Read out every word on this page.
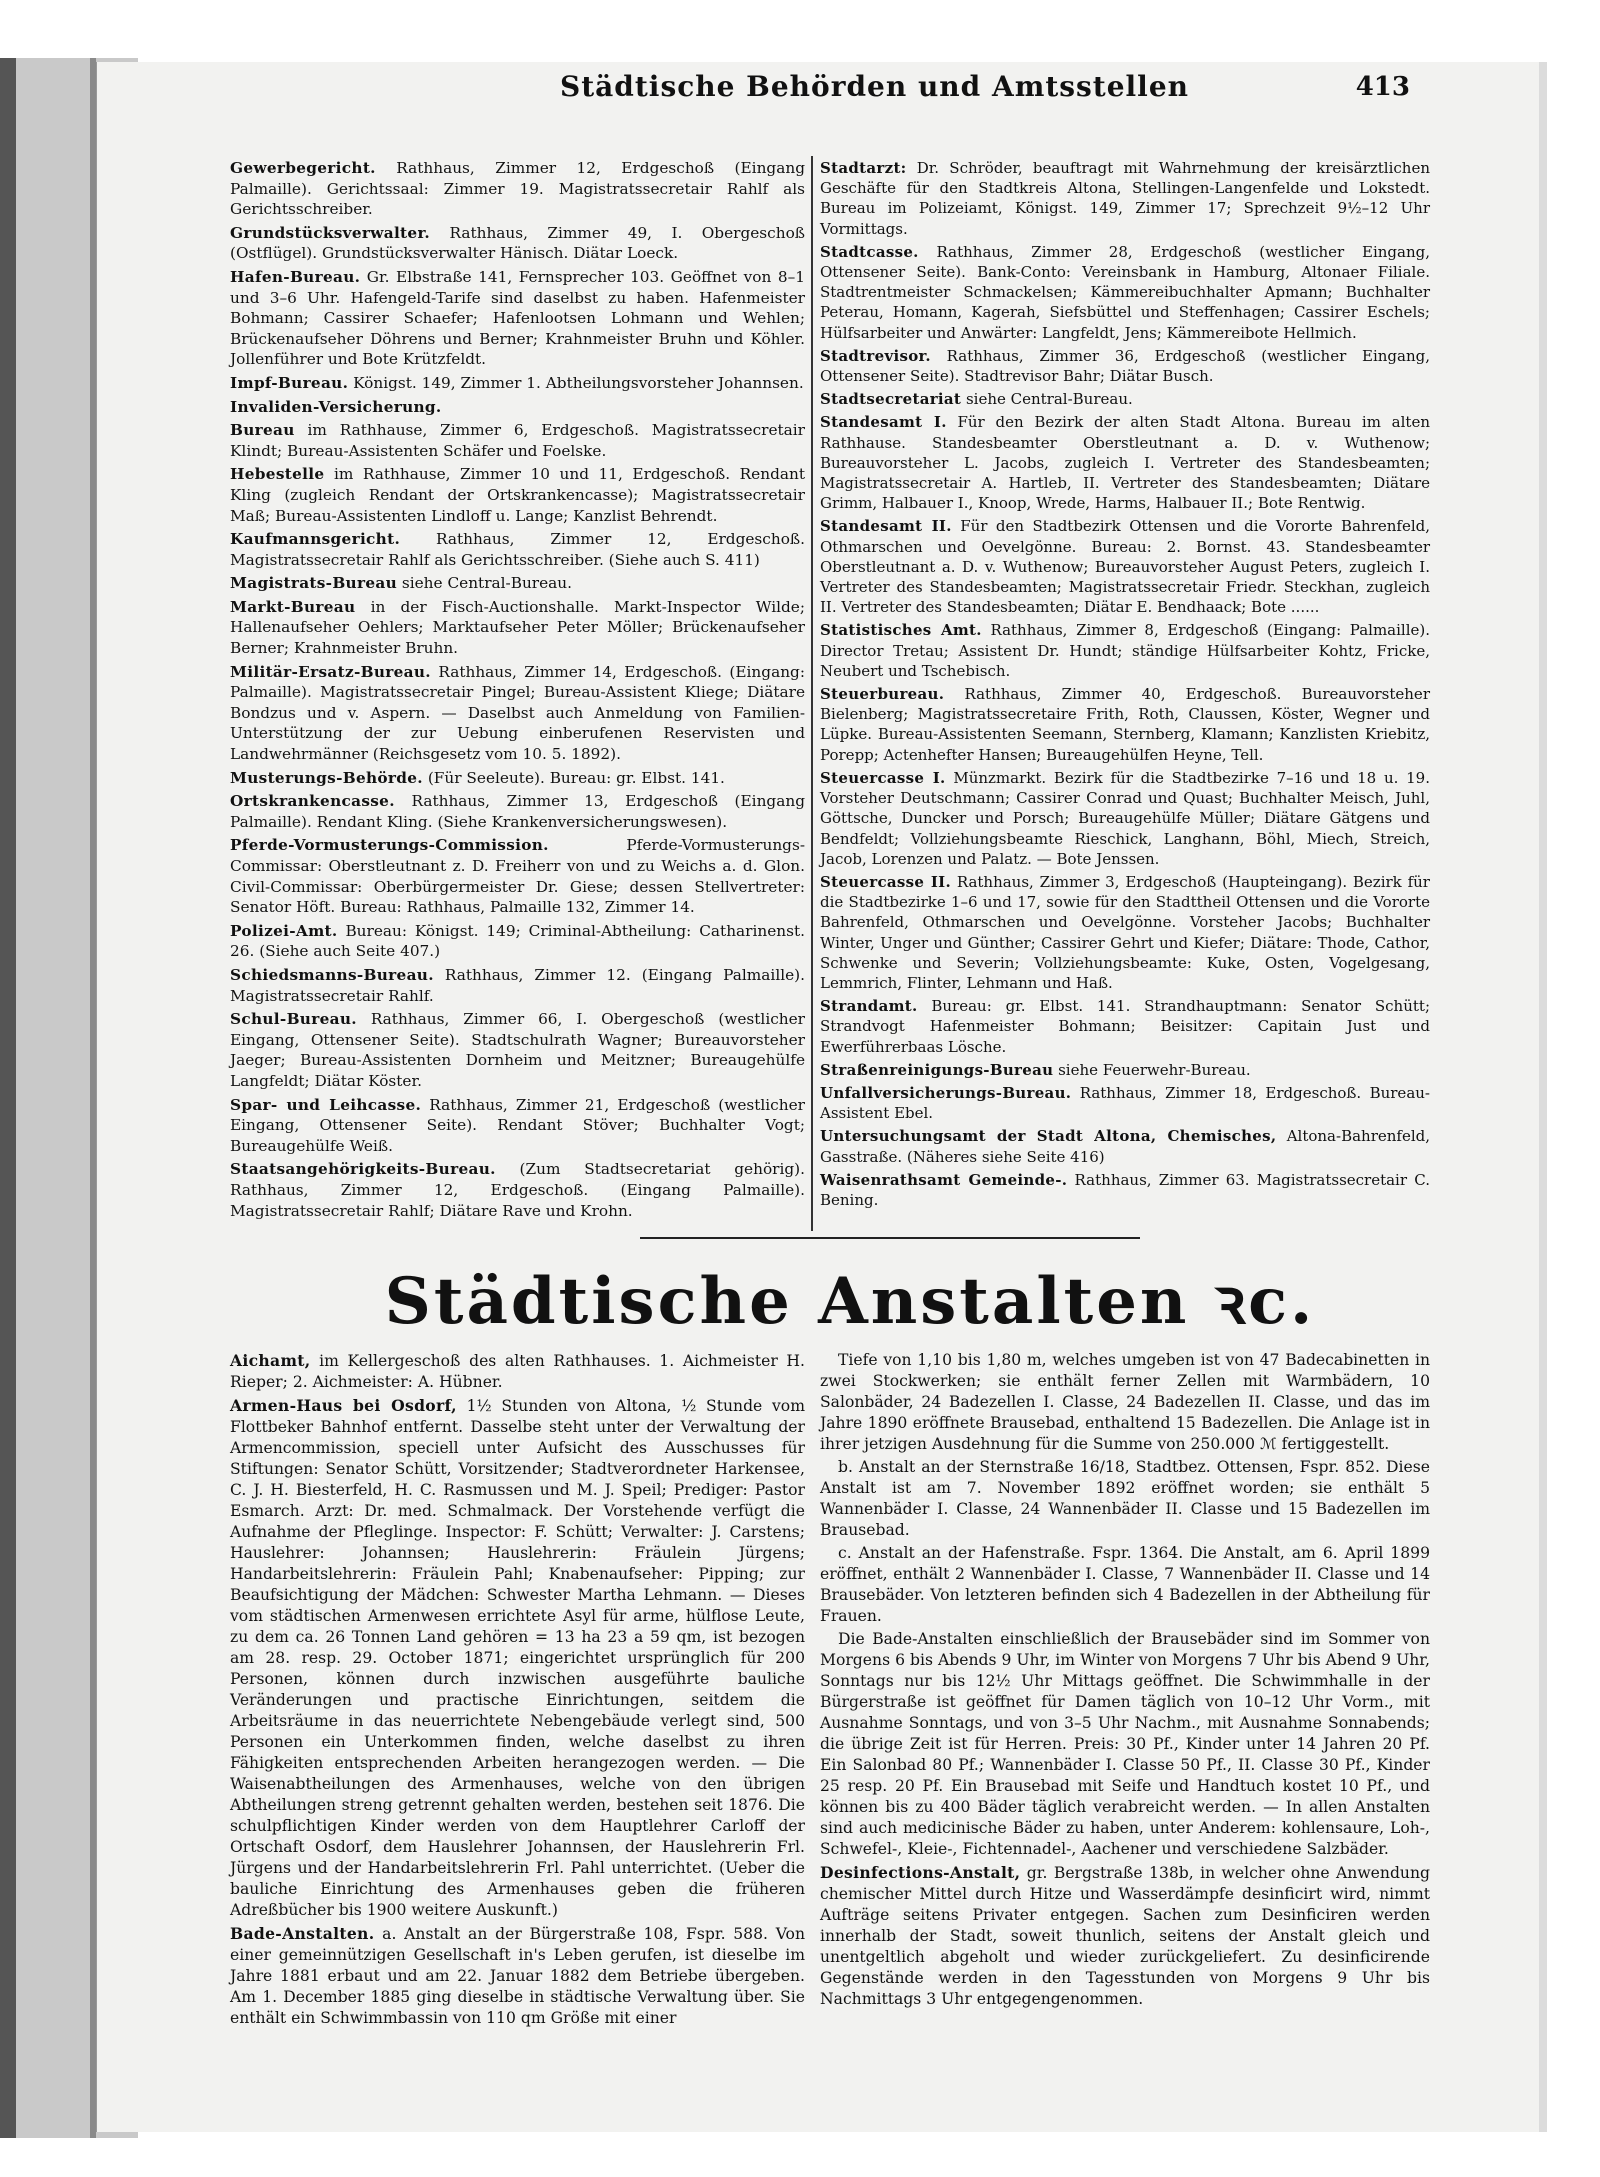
Städtische Behörden und Amtsstellen	413

Gewerbegericht. Rathhaus, Zimmer 12, Erdgeschoß (Eingang Palmaille). Gerichtssaal: Zimmer 19. Magistratssecretair Rahlf als Gerichtsschreiber.

Grundstücksverwalter. Rathhaus, Zimmer 49, I. Obergeschoß (Ostflügel). Grundstücksverwalter Hänisch. Diätar Loeck.

Hafen-Bureau. Gr. Elbstraße 141, Fernsprecher 103. Geöffnet von 8–1 und 3–6 Uhr. Hafengeld-Tarife sind daselbst zu haben. Hafenmeister Bohmann; Cassirer Schaefer; Hafenlootsen Lohmann und Wehlen; Brückenaufseher Döhrens und Berner; Krahnmeister Bruhn und Köhler. Jollenführer und Bote Krützfeldt.

Impf-Bureau. Königst. 149, Zimmer 1. Abtheilungsvorsteher Johannsen.

Invaliden-Versicherung.

Bureau im Rathhause, Zimmer 6, Erdgeschoß. Magistratssecretair Klindt; Bureau-Assistenten Schäfer und Foelske.

Hebestelle im Rathhause, Zimmer 10 und 11, Erdgeschoß. Rendant Kling (zugleich Rendant der Ortskrankencasse); Magistratssecretair Maß; Bureau-Assistenten Lindloff u. Lange; Kanzlist Behrendt.

Kaufmannsgericht. Rathhaus, Zimmer 12, Erdgeschoß. Magistratssecretair Rahlf als Gerichtsschreiber. (Siehe auch S. 411)

Magistrats-Bureau siehe Central-Bureau.

Markt-Bureau in der Fisch-Auctionshalle. Markt-Inspector Wilde; Hallenaufseher Oehlers; Marktaufseher Peter Möller; Brückenaufseher Berner; Krahnmeister Bruhn.

Militär-Ersatz-Bureau. Rathhaus, Zimmer 14, Erdgeschoß. (Eingang: Palmaille). Magistratssecretair Pingel; Bureau-Assistent Kliege; Diätare Bondzus und v. Aspern. — Daselbst auch Anmeldung von Familien-Unterstützung der zur Uebung einberufenen Reservisten und Landwehrmänner (Reichsgesetz vom 10. 5. 1892).

Musterungs-Behörde. (Für Seeleute). Bureau: gr. Elbst. 141.

Ortskrankencasse. Rathhaus, Zimmer 13, Erdgeschoß (Eingang Palmaille). Rendant Kling. (Siehe Krankenversicherungswesen).

Pferde-Vormusterungs-Commission.	Pferde-Vormusterungs-Commissar: Oberstleutnant z. D. Freiherr von und zu Weichs a. d. Glon. Civil-Commissar: Oberbürgermeister Dr. Giese; dessen Stellvertreter: Senator Höft. Bureau: Rathhaus, Palmaille 132, Zimmer 14.

Polizei-Amt. Bureau: Königst. 149; Criminal-Abtheilung: Catharinenst. 26. (Siehe auch Seite 407.)

Schiedsmanns-Bureau. Rathhaus, Zimmer 12. (Eingang Palmaille). Magistratssecretair Rahlf.

Schul-Bureau. Rathhaus, Zimmer 66, I. Obergeschoß (westlicher Eingang, Ottensener Seite). Stadtschulrath Wagner; Bureauvorsteher Jaeger; Bureau-Assistenten Dornheim und Meitzner; Bureaugehülfe Langfeldt; Diätar Köster.

Spar- und Leihcasse. Rathhaus, Zimmer 21, Erdgeschoß (westlicher Eingang, Ottensener Seite). Rendant Stöver; Buchhalter Vogt; Bureaugehülfe Weiß.

Staatsangehörigkeits-Bureau. (Zum Stadtsecretariat gehörig). Rathhaus, Zimmer 12, Erdgeschoß. (Eingang Palmaille). Magistratssecretair Rahlf; Diätare Rave und Krohn.

Stadtarzt: Dr. Schröder, beauftragt mit Wahrnehmung der kreisärztlichen Geschäfte für den Stadtkreis Altona, Stellingen-Langenfelde und Lokstedt. Bureau im Polizeiamt, Königst. 149, Zimmer 17; Sprechzeit 9½–12 Uhr Vormittags.

Stadtcasse. Rathhaus, Zimmer 28, Erdgeschoß (westlicher Eingang, Ottensener Seite). Bank-Conto: Vereinsbank in Hamburg, Altonaer Filiale. Stadtrentmeister Schmackelsen; Kämmereibuchhalter Apmann; Buchhalter Peterau, Homann, Kagerah, Siefsbüttel und Steffenhagen; Cassirer Eschels; Hülfsarbeiter und Anwärter: Langfeldt, Jens; Kämmereibote Hellmich.

Stadtrevisor. Rathhaus, Zimmer 36, Erdgeschoß (westlicher Eingang, Ottensener Seite). Stadtrevisor Bahr; Diätar Busch.

Stadtsecretariat siehe Central-Bureau.

Standesamt I. Für den Bezirk der alten Stadt Altona. Bureau im alten Rathhause. Standesbeamter Oberstleutnant a. D. v. Wuthenow; Bureauvorsteher L. Jacobs, zugleich I. Vertreter des Standesbeamten; Magistratssecretair A. Hartleb, II. Vertreter des Standesbeamten; Diätare Grimm, Halbauer I., Knoop, Wrede, Harms, Halbauer II.; Bote Rentwig.

Standesamt II. Für den Stadtbezirk Ottensen und die Vororte Bahrenfeld, Othmarschen und Oevelgönne. Bureau: 2. Bornst. 43. Standesbeamter Oberstleutnant a. D. v. Wuthenow; Bureauvorsteher August Peters, zugleich I. Vertreter des Standesbeamten; Magistratssecretair Friedr. Steckhan, zugleich II. Vertreter des Standesbeamten; Diätar E. Bendhaack; Bote ......

Statistisches Amt. Rathhaus, Zimmer 8, Erdgeschoß (Eingang: Palmaille). Director Tretau; Assistent Dr. Hundt; ständige Hülfsarbeiter Kohtz, Fricke, Neubert und Tschebisch.

Steuerbureau. Rathhaus, Zimmer 40, Erdgeschoß. Bureauvorsteher Bielenberg; Magistratssecretaire Frith, Roth, Claussen, Köster, Wegner und Lüpke. Bureau-Assistenten Seemann, Sternberg, Klamann; Kanzlisten Kriebitz, Porepp; Actenhefter Hansen; Bureaugehülfen Heyne, Tell.

Steuercasse I. Münzmarkt. Bezirk für die Stadtbezirke 7–16 und 18 u. 19. Vorsteher Deutschmann; Cassirer Conrad und Quast; Buchhalter Meisch, Juhl, Göttsche, Duncker und Porsch; Bureaugehülfe Müller; Diätare Gätgens und Bendfeldt; Vollziehungsbeamte Rieschick, Langhann, Böhl, Miech, Streich, Jacob, Lorenzen und Palatz. — Bote Jenssen.

Steuercasse II. Rathhaus, Zimmer 3, Erdgeschoß (Haupteingang). Bezirk für die Stadtbezirke 1–6 und 17, sowie für den Stadttheil Ottensen und die Vororte Bahrenfeld, Othmarschen und Oevelgönne. Vorsteher Jacobs; Buchhalter Winter, Unger und Günther; Cassirer Gehrt und Kiefer; Diätare: Thode, Cathor, Schwenke und Severin; Vollziehungsbeamte: Kuke, Osten, Vogelgesang, Lemmrich, Flinter, Lehmann und Haß.

Strandamt. Bureau: gr. Elbst. 141. Strandhauptmann: Senator Schütt; Strandvogt Hafenmeister Bohmann; Beisitzer: Capitain Just und Ewerführerbaas Lösche.

Straßenreinigungs-Bureau siehe Feuerwehr-Bureau.

Unfallversicherungs-Bureau. Rathhaus, Zimmer 18, Erdgeschoß. Bureau-Assistent Ebel.

Untersuchungsamt der Stadt Altona, Chemisches, Altona-Bahrenfeld, Gasstraße. (Näheres siehe Seite 416)

Waisenrathsamt Gemeinde-. Rathhaus, Zimmer 63. Magistratssecretair C. Bening.

Städtische Anstalten ꝛc.

Aichamt, im Kellergeschoß des alten Rathhauses. 1. Aichmeister H. Rieper; 2. Aichmeister: A. Hübner.

Armen-Haus bei Osdorf, 1½ Stunden von Altona, ½ Stunde vom Flottbeker Bahnhof entfernt. Dasselbe steht unter der Verwaltung der Armencommission, speciell unter Aufsicht des Ausschusses für Stiftungen: Senator Schütt, Vorsitzender; Stadtverordneter Harkensee, C. J. H. Biesterfeld, H. C. Rasmussen und M. J. Speil; Prediger: Pastor Esmarch. Arzt: Dr. med. Schmalmack. Der Vorstehende verfügt die Aufnahme der Pfleglinge. Inspector: F. Schütt; Verwalter: J. Carstens; Hauslehrer: Johannsen; Hauslehrerin: Fräulein Jürgens; Handarbeitslehrerin: Fräulein Pahl; Knabenaufseher: Pipping; zur Beaufsichtigung der Mädchen: Schwester Martha Lehmann. — Dieses vom städtischen Armenwesen errichtete Asyl für arme, hülflose Leute, zu dem ca. 26 Tonnen Land gehören = 13 ha 23 a 59 qm, ist bezogen am 28. resp. 29. October 1871; eingerichtet ursprünglich für 200 Personen, können durch inzwischen ausgeführte bauliche Veränderungen und practische Einrichtungen, seitdem die Arbeitsräume in das neuerrichtete Nebengebäude verlegt sind, 500 Personen ein Unterkommen finden, welche daselbst zu ihren Fähigkeiten entsprechenden Arbeiten herangezogen werden. — Die Waisenabtheilungen des Armenhauses, welche von den übrigen Abtheilungen streng getrennt gehalten werden, bestehen seit 1876. Die schulpflichtigen Kinder werden von dem Hauptlehrer Carloff der Ortschaft Osdorf, dem Hauslehrer Johannsen, der Hauslehrerin Frl. Jürgens und der Handarbeitslehrerin Frl. Pahl unterrichtet. (Ueber die bauliche Einrichtung des Armenhauses geben die früheren Adreßbücher bis 1900 weitere Auskunft.)

Bade-Anstalten. a. Anstalt an der Bürgerstraße 108, Fspr. 588. Von einer gemeinnützigen Gesellschaft in's Leben gerufen, ist dieselbe im Jahre 1881 erbaut und am 22. Januar 1882 dem Betriebe übergeben. Am 1. December 1885 ging dieselbe in städtische Verwaltung über. Sie enthält ein Schwimmbassin von 110 qm Größe mit einer

Tiefe von 1,10 bis 1,80 m, welches umgeben ist von 47 Badecabinetten in zwei Stockwerken; sie enthält ferner Zellen mit Warmbädern, 10 Salonbäder, 24 Badezellen I. Classe, 24 Badezellen II. Classe, und das im Jahre 1890 eröffnete Brausebad, enthaltend 15 Badezellen. Die Anlage ist in ihrer jetzigen Ausdehnung für die Summe von 250.000 ℳ fertiggestellt.

b. Anstalt an der Sternstraße 16/18, Stadtbez. Ottensen, Fspr. 852. Diese Anstalt ist am 7. November 1892 eröffnet worden; sie enthält 5 Wannenbäder I. Classe, 24 Wannenbäder II. Classe und 15 Badezellen im Brausebad.

c. Anstalt an der Hafenstraße. Fspr. 1364. Die Anstalt, am 6. April 1899 eröffnet, enthält 2 Wannenbäder I. Classe, 7 Wannenbäder II. Classe und 14 Brausebäder. Von letzteren befinden sich 4 Badezellen in der Abtheilung für Frauen.

Die Bade-Anstalten einschließlich der Brausebäder sind im Sommer von Morgens 6 bis Abends 9 Uhr, im Winter von Morgens 7 Uhr bis Abend 9 Uhr, Sonntags nur bis 12½ Uhr Mittags geöffnet. Die Schwimmhalle in der Bürgerstraße ist geöffnet für Damen täglich von 10–12 Uhr Vorm., mit Ausnahme Sonntags, und von 3–5 Uhr Nachm., mit Ausnahme Sonnabends; die übrige Zeit ist für Herren. Preis: 30 Pf., Kinder unter 14 Jahren 20 Pf. Ein Salonbad 80 Pf.; Wannenbäder I. Classe 50 Pf., II. Classe 30 Pf., Kinder 25 resp. 20 Pf. Ein Brausebad mit Seife und Handtuch kostet 10 Pf., und können bis zu 400 Bäder täglich verabreicht werden. — In allen Anstalten sind auch medicinische Bäder zu haben, unter Anderem: kohlensaure, Loh-, Schwefel-, Kleie-, Fichtennadel-, Aachener und verschiedene Salzbäder.

Desinfections-Anstalt, gr. Bergstraße 138b, in welcher ohne Anwendung chemischer Mittel durch Hitze und Wasserdämpfe desinficirt wird, nimmt Aufträge seitens Privater entgegen. Sachen zum Desinficiren werden innerhalb der Stadt, soweit thunlich, seitens der Anstalt gleich und unentgeltlich abgeholt und wieder zurückgeliefert. Zu desinficirende Gegenstände werden in den Tagesstunden von Morgens 9 Uhr bis Nachmittags 3 Uhr entgegengenommen.
